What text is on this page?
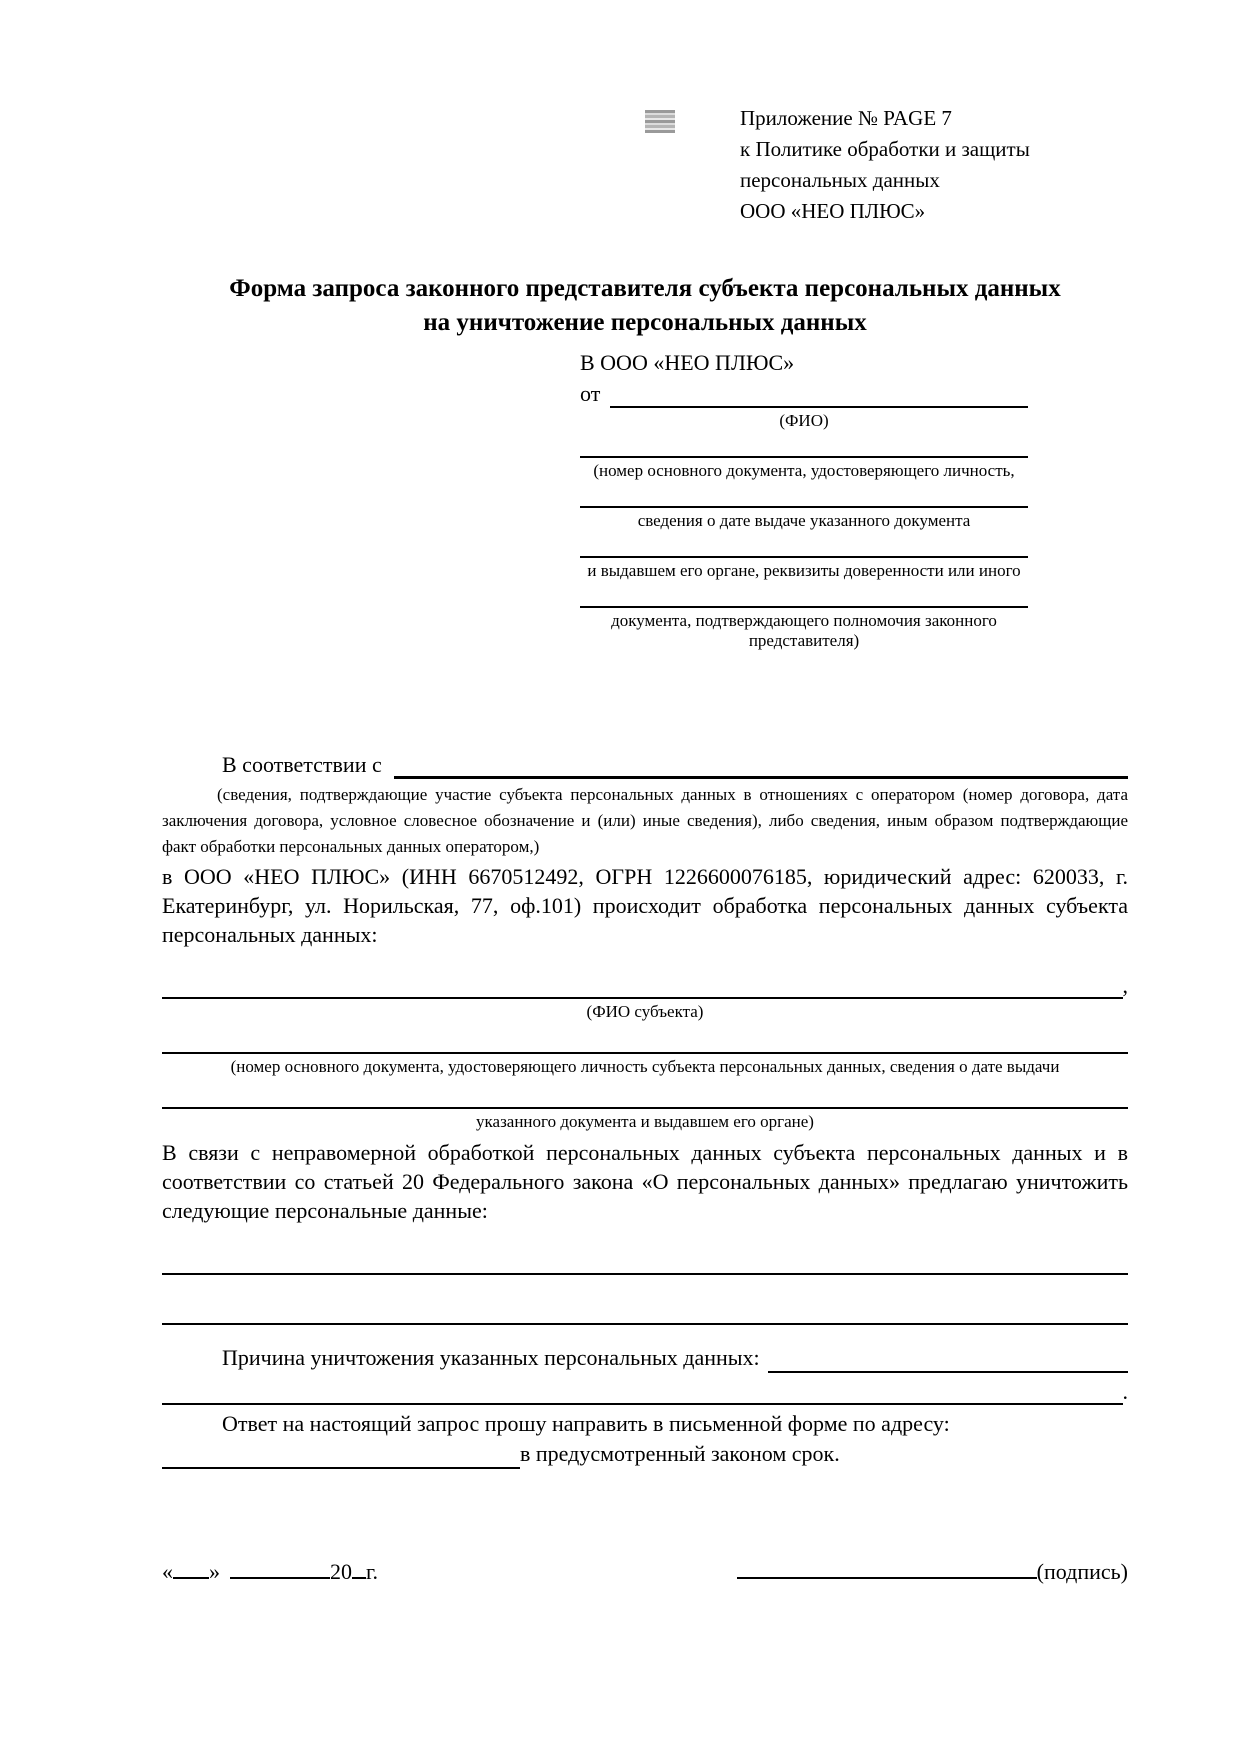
Приложение № PAGE 7
к Политике обработки и защиты
персональных данных
ООО «НЕО ПЛЮС»
Форма запроса законного представителя субъекта персональных данных
на уничтожение персональных данных
В ООО «НЕО ПЛЮС»
от
(ФИО)
(номер основного документа, удостоверяющего личность,
сведения о дате выдаче указанного документа
и выдавшем его органе, реквизиты доверенности или иного
документа, подтверждающего полномочия законного представителя)
В соответствии с
(сведения, подтверждающие участие субъекта персональных данных в отношениях с оператором (номер договора, дата заключения договора, условное словесное обозначение и (или) иные сведения), либо сведения, иным образом подтверждающие факт обработки персональных данных оператором,)
в ООО «НЕО ПЛЮС» (ИНН 6670512492, ОГРН 1226600076185, юридический адрес: 620033, г. Екатеринбург, ул. Норильская, 77, оф.101) происходит обработка персональных данных субъекта персональных данных:
,
(ФИО субъекта)
(номер основного документа, удостоверяющего личность субъекта персональных данных, сведения о дате выдачи
указанного документа и выдавшем его органе)
В связи с неправомерной обработкой персональных данных субъекта персональных данных и в соответствии со статьей 20 Федерального закона «О персональных данных» предлагаю уничтожить следующие персональные данные:
Причина уничтожения указанных персональных данных:
.
Ответ на настоящий запрос прошу направить в письменной форме по адресу:
в предусмотренный законом срок.
« »	20 г.	(подпись)
